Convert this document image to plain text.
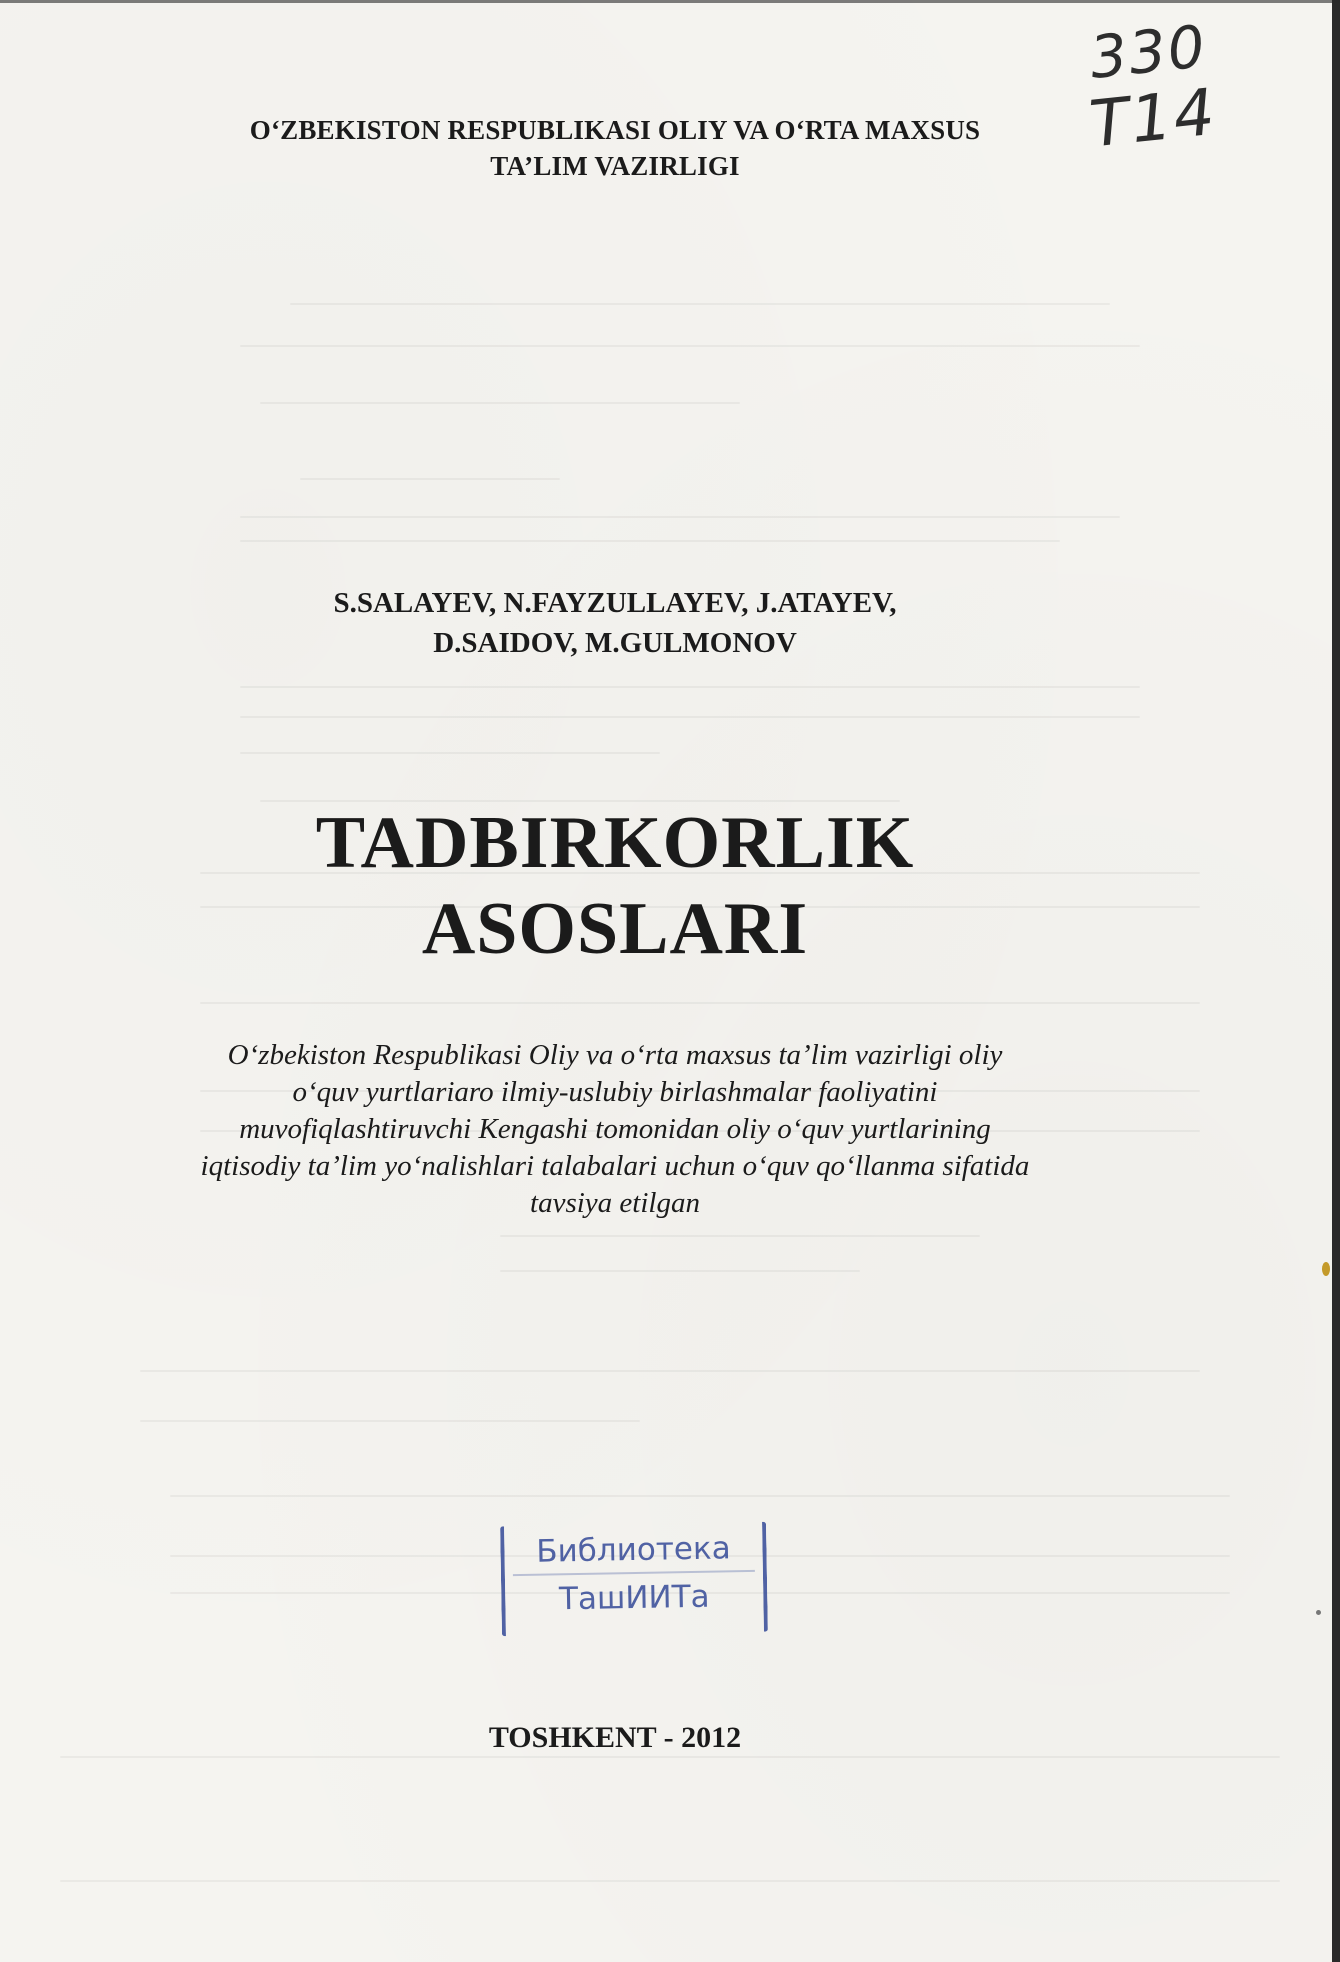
330
T14
O‘ZBEKISTON RESPUBLIKASI OLIY VA O‘RTA MAXSUS
TA’LIM VAZIRLIGI
S.SALAYEV, N.FAYZULLAYEV, J.ATAYEV,
D.SAIDOV, M.GULMONOV
TADBIRKORLIK
ASOSLARI
O‘zbekiston Respublikasi Oliy va o‘rta maxsus ta’lim vazirligi oliy
o‘quv yurtlariaro ilmiy-uslubiy birlashmalar faoliyatini
muvofiqlashtiruvchi Kengashi tomonidan oliy o‘quv yurtlarining
iqtisodiy ta’lim yo‘nalishlari talabalari uchun o‘quv qo‘llanma sifatida
tavsiya etilgan
Библиотека
ТашИИТа
TOSHKENT - 2012
